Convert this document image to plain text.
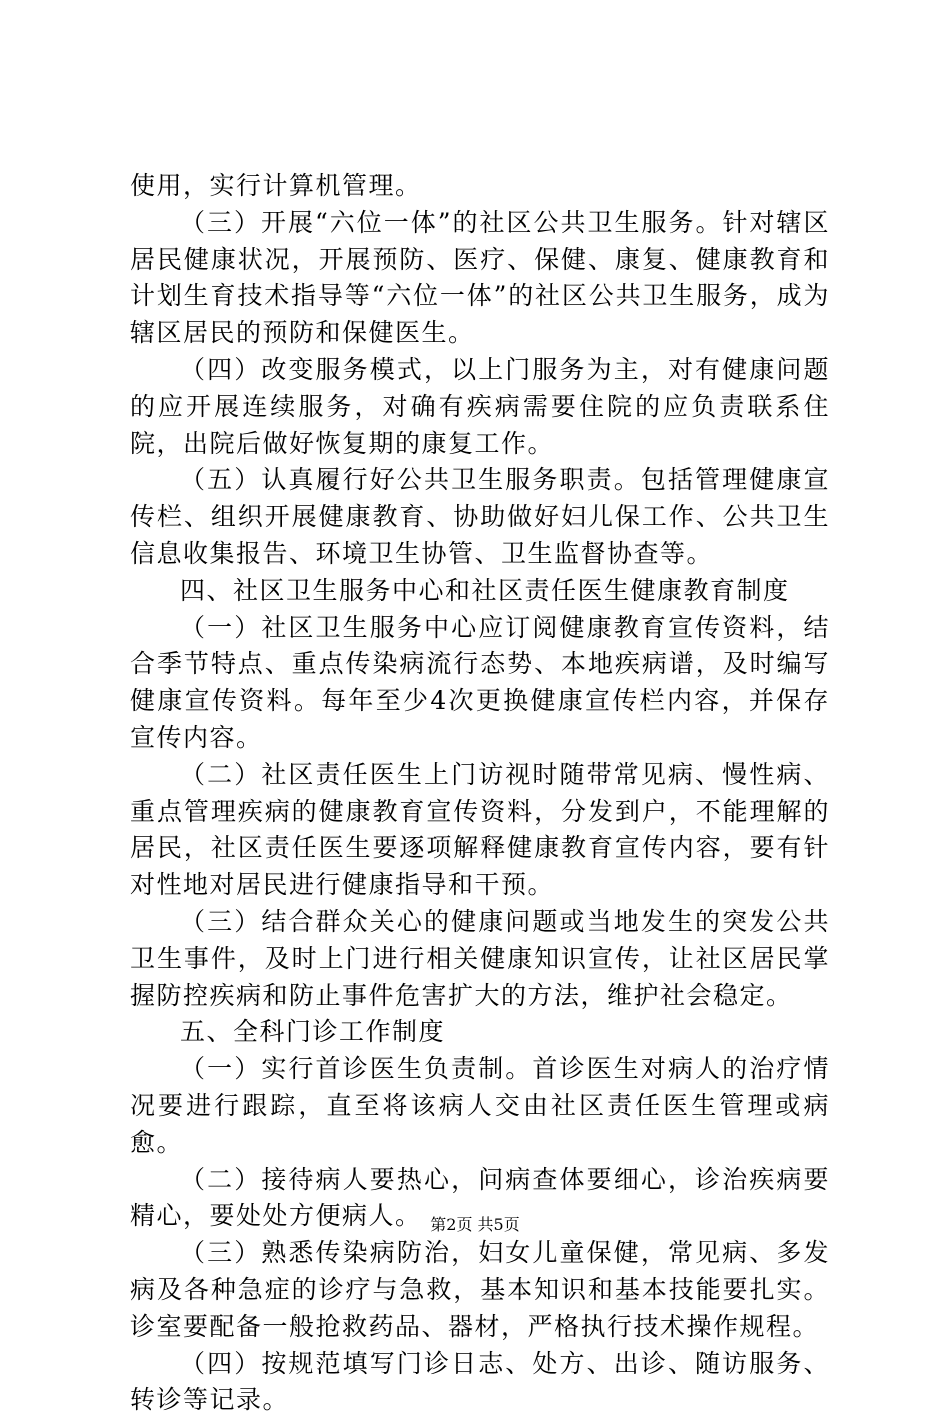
使用，实行计算机管理。

（三）开展“六位一体”的社区公共卫生服务。针对辖区居民健康状况，开展预防、医疗、保健、康复、健康教育和计划生育技术指导等“六位一体”的社区公共卫生服务，成为辖区居民的预防和保健医生。

（四）改变服务模式，以上门服务为主，对有健康问题的应开展连续服务，对确有疾病需要住院的应负责联系住院，出院后做好恢复期的康复工作。

（五）认真履行好公共卫生服务职责。包括管理健康宣传栏、组织开展健康教育、协助做好妇儿保工作、公共卫生信息收集报告、环境卫生协管、卫生监督协查等。

四、社区卫生服务中心和社区责任医生健康教育制度

（一）社区卫生服务中心应订阅健康教育宣传资料，结合季节特点、重点传染病流行态势、本地疾病谱，及时编写健康宣传资料。每年至少4次更换健康宣传栏内容，并保存宣传内容。

（二）社区责任医生上门访视时随带常见病、慢性病、重点管理疾病的健康教育宣传资料，分发到户，不能理解的居民，社区责任医生要逐项解释健康教育宣传内容，要有针对性地对居民进行健康指导和干预。

（三）结合群众关心的健康问题或当地发生的突发公共卫生事件，及时上门进行相关健康知识宣传，让社区居民掌握防控疾病和防止事件危害扩大的方法，维护社会稳定。

五、全科门诊工作制度

（一）实行首诊医生负责制。首诊医生对病人的治疗情况要进行跟踪，直至将该病人交由社区责任医生管理或病愈。

（二）接待病人要热心，问病查体要细心，诊治疾病要精心，要处处方便病人。

（三）熟悉传染病防治，妇女儿童保健，常见病、多发病及各种急症的诊疗与急救，基本知识和基本技能要扎实。诊室要配备一般抢救药品、器材，严格执行技术操作规程。

（四）按规范填写门诊日志、处方、出诊、随访服务、转诊等记录。

第2页 共5页
